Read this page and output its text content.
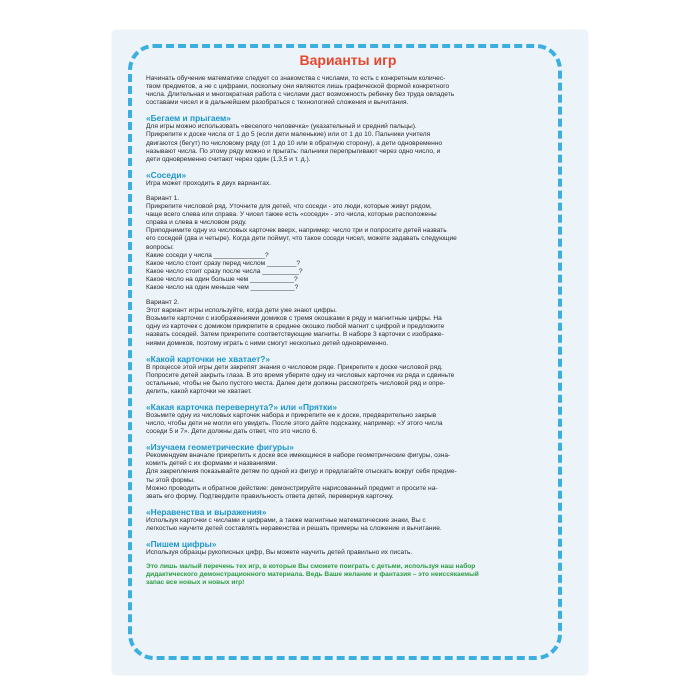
Варианты игр

Начинать обучение математике следует со знакомства с числами, то есть с конкретным количес-

твом предметов, а не с цифрами, поскольку они являются лишь графической формой конкретного

числа. Длительная и многократная работа с числами даст возможность ребенку без труда овладеть

составами чисел и в дальнейшем разобраться с технологией сложения и вычитания.

«Бегаем и прыгаем»

Для игры можно использовать «веселого человечка» (указательный и средний пальцы).

Прикрепите к доске числа от 1 до 5 (если дети маленькие) или от 1 до 10. Пальчики учителя

двигаются (бегут) по числовому ряду (от 1 до 10 или в обратную сторону), а дети одновременно

называют числа. По этому ряду можно и прыгать: пальчики перепрыгивают через одно число, и

дети одновременно считают через один (1,3,5 и т. д.).

«Соседи»

Игра может проходить в двух вариантах.

Вариант 1.

Прикрепите числовой ряд. Уточните для детей, что соседи - это люди, которые живут рядом,

чаще всего слева или справа. У чисел также есть «соседи» - это числа, которые расположены

справа и слева в числовом ряду.

Приподнимите одну из числовых карточек вверх, например: число три и попросите детей назвать

его соседей (два и четыре). Когда дети поймут, что такое соседи чисел, можете задавать следующие

вопросы:

Какие соседи у числа ______________?

Какое число стоит сразу перед числом ________?

Какое число стоит сразу после числа __________?

Какое число на один больше чем ____________?

Какое число на один меньше чем ____________?

Вариант 2.

Этот вариант игры используйте, когда дети уже знают цифры.

Возьмите карточки с изображениями домиков с тремя окошками в ряду и магнитные цифры. На

одну из карточек с домиком прикрепите в среднее окошко любой магнит с цифрой и предложите

назвать соседей. Затем прикрепите соответствующие магниты. В наборе 3 карточки с изображе-

ниями домиков, поэтому играть с ними смогут несколько детей одновременно.

«Какой карточки не хватает?»

В процессе этой игры дети закрепят знания о числовом ряде. Прикрепите к доске числовой ряд.

Попросите детей закрыть глаза. В это время уберите одну из числовых карточек из ряда и сдвиньте

остальные, чтобы не было пустого места. Далее дети должны рассмотреть числовой ряд и опре-

делить, какой карточки не хватает.

«Какая карточка перевернута?» или «Прятки»

Возьмите одну из числовых карточек набора и прикрепите ее к доске, предварительно закрыв

число, чтобы дети не могли его увидеть. После этого дайте подсказку, например: «У этого числа

соседи 5 и 7». Дети должны дать ответ, что это число 6.

«Изучаем геометрические фигуры»

Рекомендуем вначале прикрепить к доске все имеющиеся в наборе геометрические фигуры, озна-

комить детей с их формами и названиями.

Для закрепления показывайте детям по одной из фигур и предлагайте отыскать вокруг себя предме-

ты этой формы.

Можно проводить и обратное действие: демонстрируйте нарисованный предмет и просите на-

звать его форму. Подтвердите правильность ответа детей, перевернув карточку.

«Неравенства и выражения»

Используя карточки с числами и цифрами, а также магнитные математические знаки, Вы с

легкостью научите детей составлять неравенства и решать примеры на сложение и вычитание.

«Пишем цифры»

Используя образцы рукописных цифр, Вы можете научить детей правильно их писать.

Это лишь малый перечень тех игр, в которые Вы сможете поиграть с детьми, используя наш набор

дидактического демонстрационного материала. Ведь Ваше желание и фантазия – это неиссякаемый

запас все новых и новых игр!
